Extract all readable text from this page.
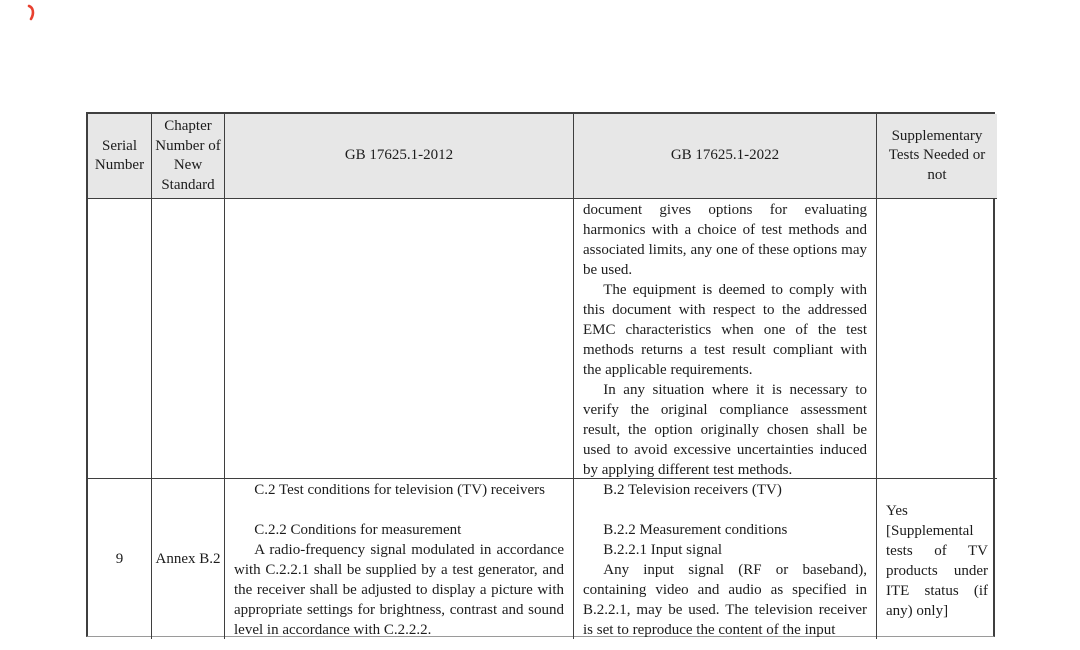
Serial Number
Chapter Number of New Standard
GB 17625.1-2012	GB 17625.1-2022
Supplementary Tests Needed or not

document gives options for evaluating harmonics with a choice of test methods and associated limits, any one of these options may be used.

The equipment is deemed to comply with this document with respect to the addressed EMC characteristics when one of the test methods returns a test result compliant with the applicable requirements.

In any situation where it is necessary to verify the original compliance assessment result, the option originally chosen shall be used to avoid excessive uncertainties induced by applying different test methods.

9	Annex B.2

C.2 Test conditions for television (TV) receivers

C.2.2 Conditions for measurement

A radio-frequency signal modulated in accordance with C.2.2.1 shall be supplied by a test generator, and the receiver shall be adjusted to display a picture with appropriate settings for brightness, contrast and sound level in accordance with C.2.2.2.

B.2 Television receivers (TV)

B.2.2 Measurement conditions

B.2.2.1 Input signal

Any input signal (RF or baseband), containing video and audio as specified in B.2.2.1, may be used. The television receiver is set to reproduce the content of the input

Yes

[Supplemental tests of TV products under ITE status (if any) only]
